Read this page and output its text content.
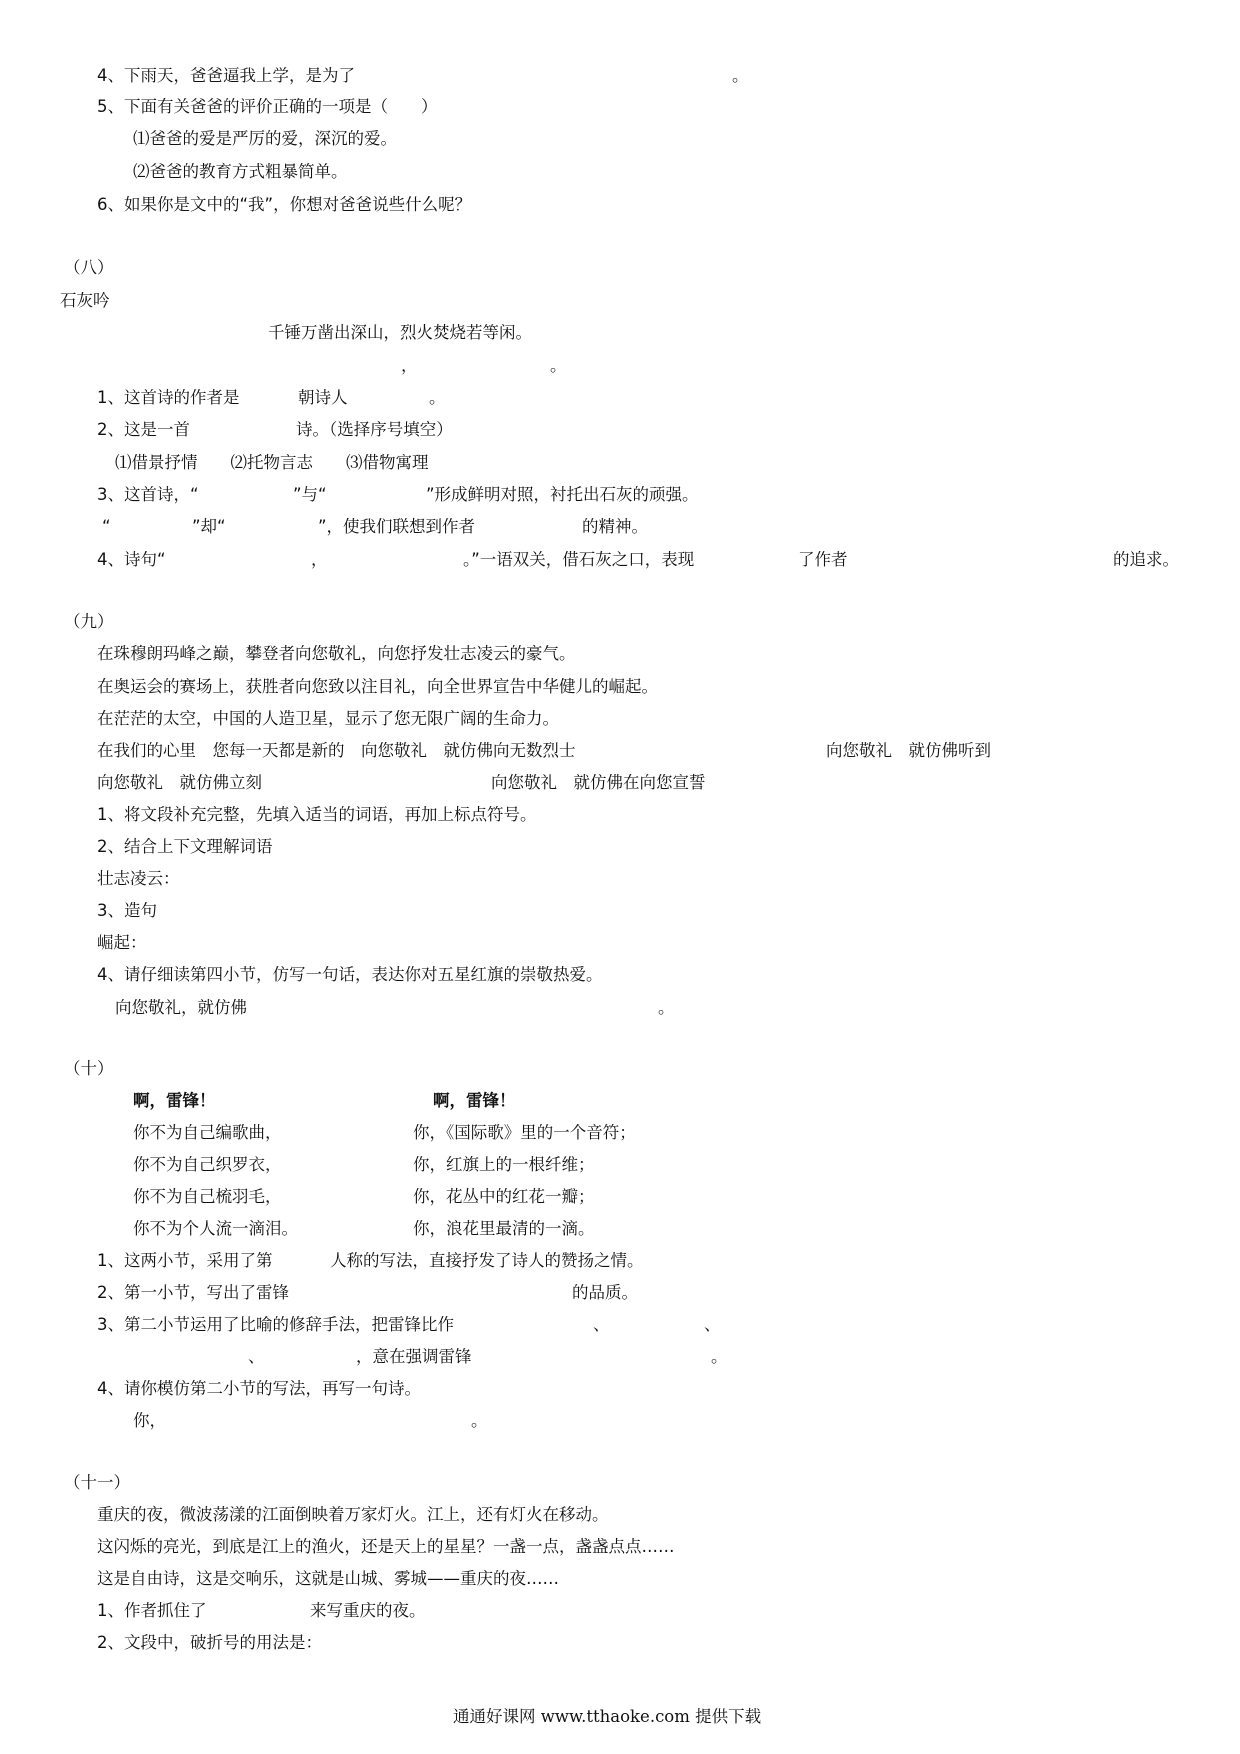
4、下雨天，爸爸逼我上学，是为了	。
5、下面有关爸爸的评价正确的一项是（　　）
⑴爸爸的爱是严厉的爱，深沉的爱。
⑵爸爸的教育方式粗暴简单。
6、如果你是文中的“我”，你想对爸爸说些什么呢？
（八）
石灰吟
千锤万凿出深山，烈火焚烧若等闲。
，	。
1、这首诗的作者是	朝诗人	。
2、这是一首	诗。（选择序号填空）
⑴借景抒情　　⑵托物言志　　⑶借物寓理
3、这首诗，“	”与“	”形成鲜明对照，衬托出石灰的顽强。
“	”却“	”，使我们联想到作者	的精神。
4、诗句“	，	。”一语双关，借石灰之口，表现	了作者	的追求。
（九）
在珠穆朗玛峰之巅，攀登者向您敬礼，向您抒发壮志凌云的豪气。
在奥运会的赛场上，获胜者向您致以注目礼，向全世界宣告中华健儿的崛起。
在茫茫的太空，中国的人造卫星，显示了您无限广阔的生命力。
在我们的心里　您每一天都是新的　向您敬礼　就仿佛向无数烈士	向您敬礼　就仿佛听到
向您敬礼　就仿佛立刻	向您敬礼　就仿佛在向您宣誓
1、将文段补充完整，先填入适当的词语，再加上标点符号。
2、结合上下文理解词语
壮志凌云：
3、造句
崛起：
4、请仔细读第四小节，仿写一句话，表达你对五星红旗的崇敬热爱。
向您敬礼，就仿佛	。
（十）
啊，雷锋！	啊，雷锋！
你不为自己编歌曲，	你，《国际歌》里的一个音符；
你不为自己织罗衣，	你，红旗上的一根纤维；
你不为自己梳羽毛，	你，花丛中的红花一瓣；
你不为个人流一滴泪。	你，浪花里最清的一滴。
1、这两小节，采用了第	人称的写法，直接抒发了诗人的赞扬之情。
2、第一小节，写出了雷锋	的品质。
3、第二小节运用了比喻的修辞手法，把雷锋比作	、	、
、	，意在强调雷锋	。
4、请你模仿第二小节的写法，再写一句诗。
你，	。
（十一）
重庆的夜，微波荡漾的江面倒映着万家灯火。江上，还有灯火在移动。
这闪烁的亮光，到底是江上的渔火，还是天上的星星？一盏一点，盏盏点点……
这是自由诗，这是交响乐，这就是山城、雾城——重庆的夜……
1、作者抓住了	来写重庆的夜。
2、文段中，破折号的用法是：
通通好课网 www.tthaoke.com 提供下载
